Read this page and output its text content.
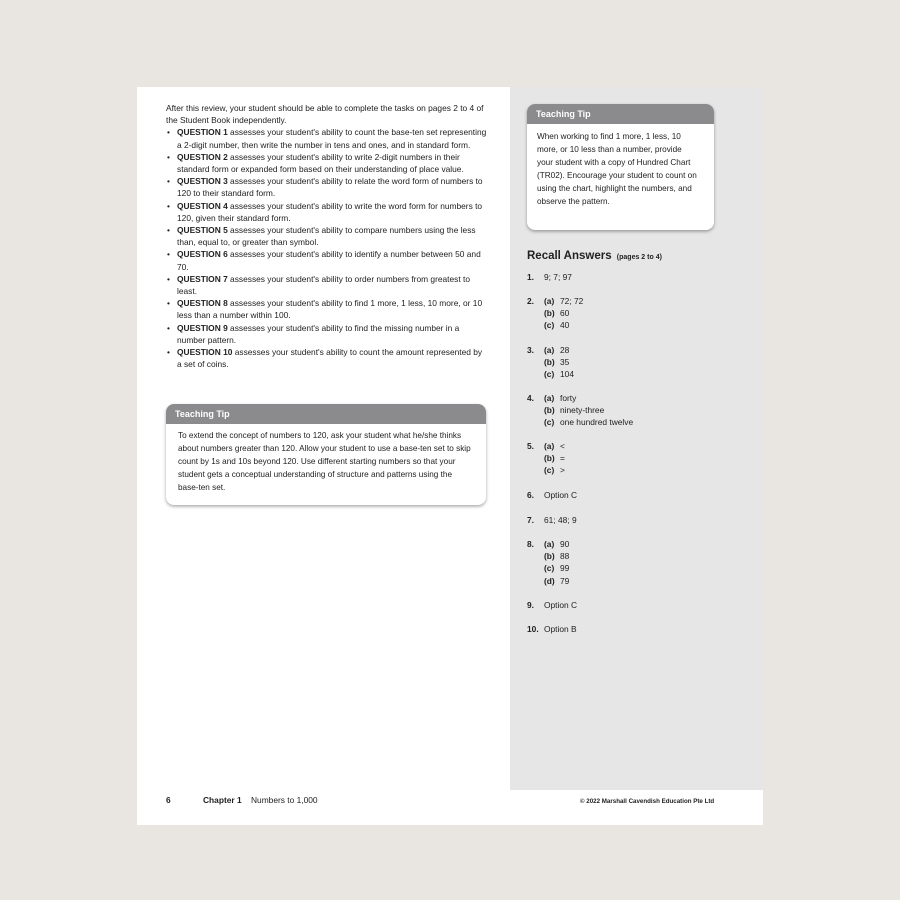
Teaching Tip
When working to find 1 more, 1 less, 10 more, or 10 less than a number, provide your student with a copy of Hundred Chart (TR02). Encourage your student to count on using the chart, highlight the numbers, and observe the pattern.
Recall Answers (pages 2 to 4)
1.	9; 7; 97
2.	(a) 72; 72
(b) 60
(c) 40
3.	(a) 28
(b) 35
(c) 104
4.	(a) forty
(b) ninety-three
(c) one hundred twelve
5.	(a) <
(b) =
(c) >
6.	Option C
7.	61; 48; 9
8.	(a) 90
(b) 88
(c) 99
(d) 79
9.	Option C
10. Option B

After this review, your student should be able to complete the tasks on pages 2 to 4 of the Student Book independently.

• QUESTION 1 assesses your student's ability to count the base-ten set representing a 2-digit number, then write the number in tens and ones, and in standard form.
• QUESTION 2 assesses your student's ability to write 2-digit numbers in their standard form or expanded form based on their understanding of place value.
• QUESTION 3 assesses your student's ability to relate the word form of numbers to 120 to their standard form.
• QUESTION 4 assesses your student's ability to write the word form for numbers to 120, given their standard form.
• QUESTION 5 assesses your student's ability to compare numbers using the less than, equal to, or greater than symbol.
• QUESTION 6 assesses your student's ability to identify a number between 50 and 70.
• QUESTION 7 assesses your student's ability to order numbers from greatest to least.
• QUESTION 8 assesses your student's ability to find 1 more, 1 less, 10 more, or 10 less than a number within 100.
• QUESTION 9 assesses your student's ability to find the missing number in a number pattern.
• QUESTION 10 assesses your student's ability to count the amount represented by a set of coins.
Teaching Tip
To extend the concept of numbers to 120, ask your student what he/she thinks about numbers greater than 120. Allow your student to use a base-ten set to skip count by 1s and 10s beyond 120. Use different starting numbers so that your student gets a conceptual understanding of structure and patterns using the base-ten set.
6	Chapter 1 Numbers to 1,000	© 2022 Marshall Cavendish Education Pte Ltd
